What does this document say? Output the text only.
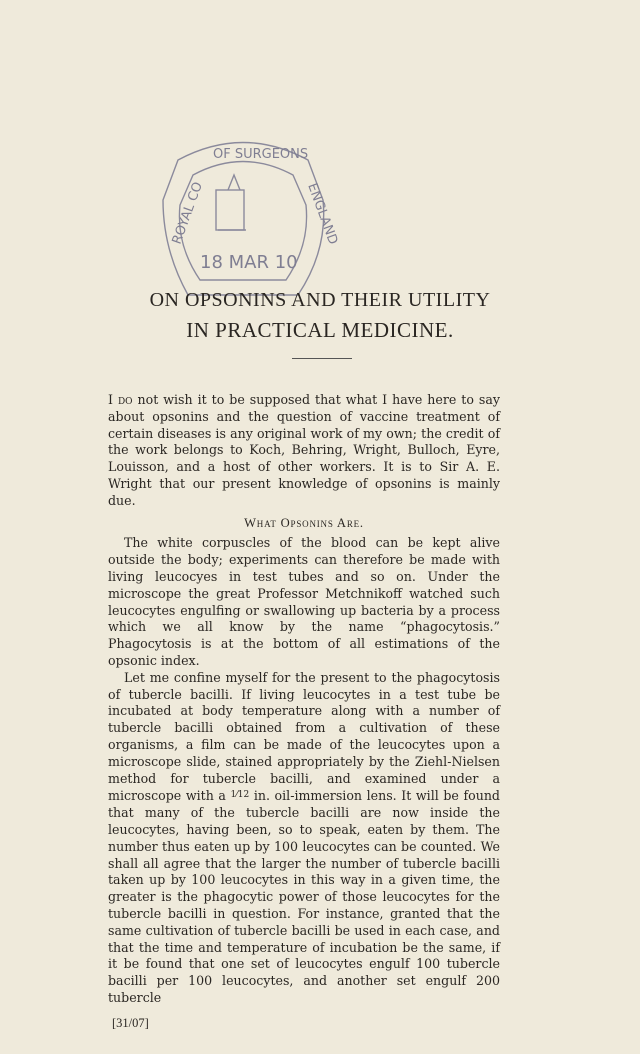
OF SURGEONS
ROYAL CO	ENGLAND
18 MAR 10
ON OPSONINS AND THEIR UTILITY
IN PRACTICAL MEDICINE.

I do not wish it to be supposed that what I have here to say about opsonins and the question of vaccine treatment of certain diseases is any original work of my own; the credit of the work belongs to Koch, Behring, Wright, Bulloch, Eyre, Louisson, and a host of other workers. It is to Sir A. E. Wright that our present knowledge of opsonins is mainly due.

What Opsonins Are.

The white corpuscles of the blood can be kept alive outside the body; experiments can therefore be made with living leucocyes in test tubes and so on. Under the microscope the great Professor Metchnikoff watched such leucocytes engulfing or swallowing up bacteria by a process which we all know by the name “phagocytosis.” Phagocytosis is at the bottom of all estimations of the opsonic index.

Let me confine myself for the present to the phagocytosis of tubercle bacilli. If living leucocytes in a test tube be incubated at body temperature along with a number of tubercle bacilli obtained from a cultivation of these organisms, a film can be made of the leucocytes upon a microscope slide, stained appropriately by the Ziehl-Nielsen method for tubercle bacilli, and examined under a microscope with a $^{1⁄12}$ in. oil-immersion lens. It will be found that many of the tubercle bacilli are now inside the leucocytes, having been, so to speak, eaten by them. The number thus eaten up by 100 leucocytes can be counted. We shall all agree that the larger the number of tubercle bacilli taken up by 100 leucocytes in this way in a given time, the greater is the phagocytic power of those leucocytes for the tubercle bacilli in question. For instance, granted that the same cultivation of tubercle bacilli be used in each case, and that the time and temperature of incubation be the same, if it be found that one set of leucocytes engulf 100 tubercle bacilli per 100 leucocytes, and another set engulf 200 tubercle

[31/07]
